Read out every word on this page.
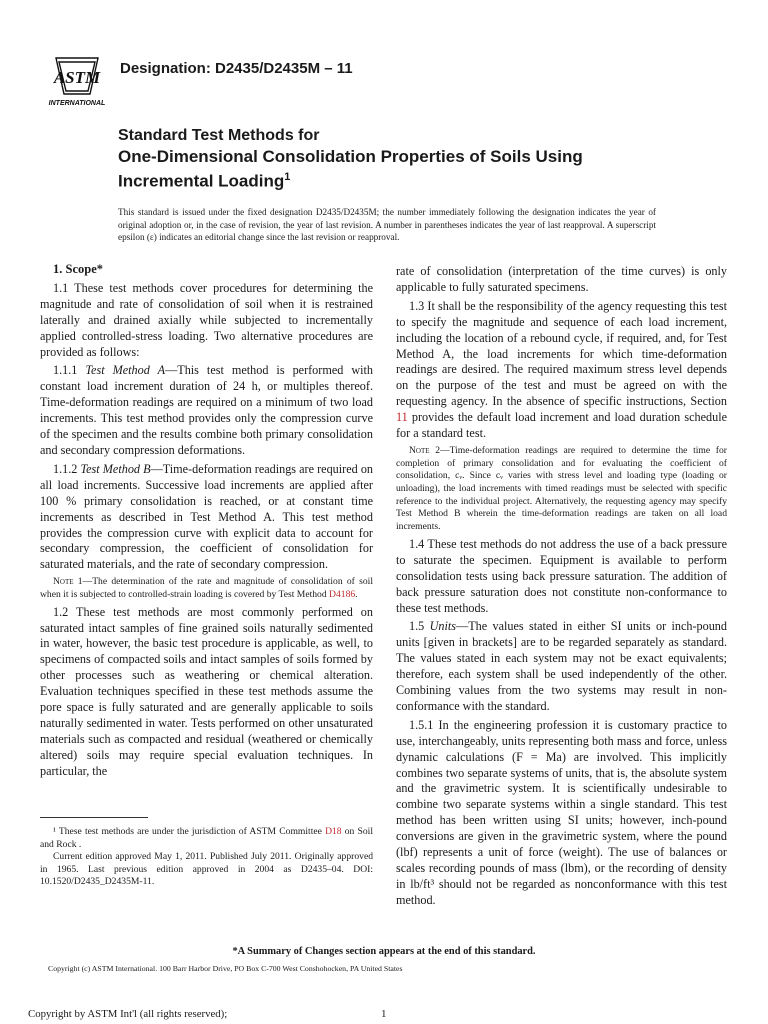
ASTM
INTERNATIONAL
Designation: D2435/D2435M – 11
Standard Test Methods for
One-Dimensional Consolidation Properties of Soils Using
Incremental Loading$^1$
This standard is issued under the fixed designation D2435/D2435M; the number immediately following the designation indicates the year of original adoption or, in the case of revision, the year of last revision. A number in parentheses indicates the year of last reapproval. A superscript epsilon (ε) indicates an editorial change since the last revision or reapproval.

1. Scope*

1.1 These test methods cover procedures for determining the magnitude and rate of consolidation of soil when it is restrained laterally and drained axially while subjected to incrementally applied controlled-stress loading. Two alternative procedures are provided as follows:

1.1.1 Test Method A—This test method is performed with constant load increment duration of 24 h, or multiples thereof. Time-deformation readings are required on a minimum of two load increments. This test method provides only the compression curve of the specimen and the results combine both primary consolidation and secondary compression deformations.

1.1.2 Test Method B—Time-deformation readings are required on all load increments. Successive load increments are applied after 100 % primary consolidation is reached, or at constant time increments as described in Test Method A. This test method provides the compression curve with explicit data to account for secondary compression, the coefficient of consolidation for saturated materials, and the rate of secondary compression.

Note 1—The determination of the rate and magnitude of consolidation of soil when it is subjected to controlled-strain loading is covered by Test Method D4186.

1.2 These test methods are most commonly performed on saturated intact samples of fine grained soils naturally sedimented in water, however, the basic test procedure is applicable, as well, to specimens of compacted soils and intact samples of soils formed by other processes such as weathering or chemical alteration. Evaluation techniques specified in these test methods assume the pore space is fully saturated and are generally applicable to soils naturally sedimented in water. Tests performed on other unsaturated materials such as compacted and residual (weathered or chemically altered) soils may require special evaluation techniques. In particular, the

rate of consolidation (interpretation of the time curves) is only applicable to fully saturated specimens.

1.3 It shall be the responsibility of the agency requesting this test to specify the magnitude and sequence of each load increment, including the location of a rebound cycle, if required, and, for Test Method A, the load increments for which time-deformation readings are desired. The required maximum stress level depends on the purpose of the test and must be agreed on with the requesting agency. In the absence of specific instructions, Section 11 provides the default load increment and load duration schedule for a standard test.

Note 2—Time-deformation readings are required to determine the time for completion of primary consolidation and for evaluating the coefficient of consolidation, cᵥ. Since cᵥ varies with stress level and loading type (loading or unloading), the load increments with timed readings must be selected with specific reference to the individual project. Alternatively, the requesting agency may specify Test Method B wherein the time-deformation readings are taken on all load increments.

1.4 These test methods do not address the use of a back pressure to saturate the specimen. Equipment is available to perform consolidation tests using back pressure saturation. The addition of back pressure saturation does not constitute non-conformance to these test methods.

1.5 Units—The values stated in either SI units or inch-pound units [given in brackets] are to be regarded separately as standard. The values stated in each system may not be exact equivalents; therefore, each system shall be used independently of the other. Combining values from the two systems may result in non-conformance with the standard.

1.5.1 In the engineering profession it is customary practice to use, interchangeably, units representing both mass and force, unless dynamic calculations (F = Ma) are involved. This implicitly combines two separate systems of units, that is, the absolute system and the gravimetric system. It is scientifically undesirable to combine two separate systems within a single standard. This test method has been written using SI units; however, inch-pound conversions are given in the gravimetric system, where the pound (lbf) represents a unit of force (weight). The use of balances or scales recording pounds of mass (lbm), or the recording of density in lb/ft³ should not be regarded as nonconformance with this test method.

¹ These test methods are under the jurisdiction of ASTM Committee D18 on Soil and Rock .

Current edition approved May 1, 2011. Published July 2011. Originally approved in 1965. Last previous edition approved in 2004 as D2435–04. DOI: 10.1520/D2435_D2435M-11.

*A Summary of Changes section appears at the end of this standard.
Copyright (c) ASTM International. 100 Barr Harbor Drive, PO Box C-700 West Conshohocken, PA United States
Copyright by ASTM Int'l (all rights reserved);	1
